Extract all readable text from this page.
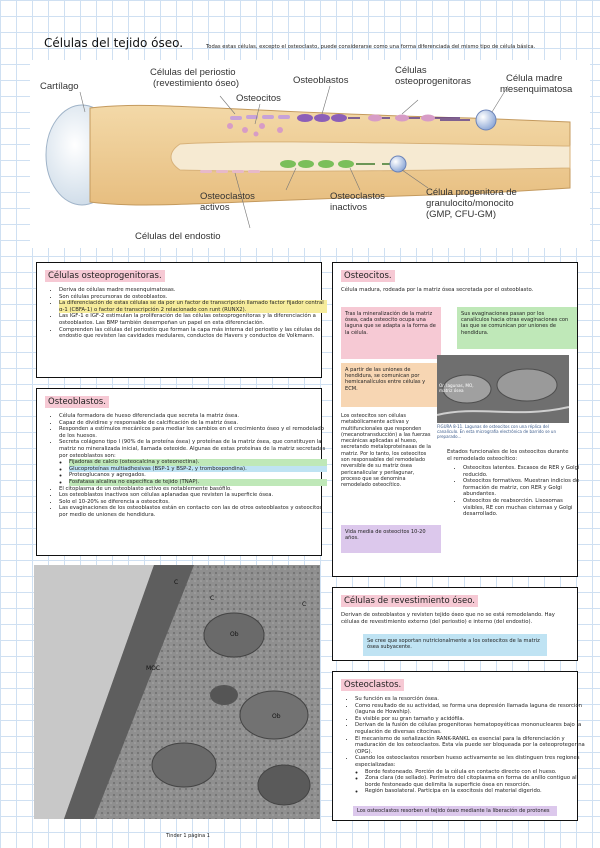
Células del tejido óseo.	Todas estas células, excepto el osteoclasto, puede considerarse como una forma diferenciada del mismo tipo de célula básica.
Cartílago
Células del periostio
(revestimiento óseo)
Osteocitos
Osteoblastos
Células
osteoprogenitoras	Célula madre
mesenquimatosa
Osteoclastos
activos
Osteoclastos
inactivos
Célula progenitora de
granulocito/monocito
(GMP, CFU-GM)
Células del endostio
Células osteoprogenitoras.
• Deriva de células madre mesenquimatosas.
• Son células precursoras de osteoblastos.
• La diferenciación de estas células se da por un factor de transcripción llamado factor fijador central α-1 (CBFA-1) o factor de transcripción 2 relacionado con runt (RUNX2).
• Las IGF-1 e IGF-2 estimulan la proliferación de las células osteoprogenitoras y la diferenciación a osteoblastos. Las BMP también desempeñan un papel en esta diferenciación.
• Comprenden las células del periostio que forman la capa más interna del periostio y las células del endostio que revisten las cavidades medulares, conductos de Havers y conductos de Volkmann.
Osteoblastos.
• Célula formadora de hueso diferenciada que secreta la matriz ósea.
• Capaz de dividirse y responsable de calcificación de la matriz ósea.
• Responden a estímulos mecánicos para mediar los cambios en el crecimiento óseo y el remodelado de los huesos.
• Secreta colágeno tipo I (90% de la proteína ósea) y proteínas de la matriz ósea, que constituyen la matriz no mineralizada inicial, llamada osteoide. Algunas de estas proteínas de la matriz secretadas por osteoblastos son:
◦ Fijadoras de calcio (osteocalcina y osteonectina).
◦ Glucoproteínas multiadhesivas (BSP-1 y BSP-2, y trombospondina).
◦ Proteoglucanos y agregados.
◦ Fosfatasa alcalina no específica de tejido (TNAP).
• El citoplasma de un osteoblasto activo es notablemente basófilo.
• Los osteoblastos inactivos son células aplanadas que revisten la superficie ósea.
• Solo el 10-20% se diferencia a osteocitos.
• Las evaginaciones de los osteoblastos están en contacto con las de otros osteoblastos y osteocitos por medio de uniones de hendidura.
MOC
C
C
C
Ob
Ob
Osteocitos.
Célula madura, rodeada por la matriz ósea secretada por el osteoblasto.
Tras la mineralización de la matriz ósea, cada osteocito ocupa una laguna que se adapta a la forma de la célula.
Sus evaginaciones pasan por los canalículos hacia otras evaginaciones con las que se comunican por uniones de hendidura.
A partir de las uniones de hendidura, se comunican por hemicanalículos entre células y ECM.
Or. lagunas, MO, matriz ósea
FIGURA 8-11. Lagunas de osteocitos con una réplica del canalículo. En esta micrografía electrónica de barrido se un preparado...
Los osteocitos son células metabólicamente activas y multifuncionales que responden (mecanotransducción) a las fuerzas mecánicas aplicadas al hueso, secretando metaloproteinasas de la matriz. Por lo tanto, los osteocitos son responsables del remodelado reversible de su matriz ósea pericanalicular y perilagunar, proceso que se denomina remodelado osteocítico.
Estados funcionales de los osteocitos durante el remodelado osteocítico:
• Osteocitos latentes. Escasos de RER y Golgi reducido.
• Osteocitos formativos. Muestran indicios de formación de matriz, con RER y Golgi abundantes.
• Osteocitos de reabsorción. Lisosomas visibles, RE con muchas cisternas y Golgi desarrollado.
Vida media de osteocitos 10-20 años.
Células de revestimiento óseo.
Derivan de osteoblastos y revisten tejido óseo que no se está remodelando. Hay células de revestimiento externo (del periostio) e interno (del endostio).
Se cree que soportan nutricionalmente a los osteocitos de la matriz ósea subyacente.
Osteoclastos.
• Su función es la resorción ósea.
• Como resultado de su actividad, se forma una depresión llamada laguna de resorción (laguna de Howship).
• Es visible por su gran tamaño y acidófila.
• Derivan de la fusión de células progenitoras hematopoyéticas mononucleares bajo la regulación de diversas citocinas.
• El mecanismo de señalización RANK-RANKL es esencial para la diferenciación y maduración de los osteoclastos. Esta vía puede ser bloqueada por la osteoprotegerina (OPG).
• Cuando los osteoclastos resorben hueso activamente se les distinguen tres regiones especializadas:
◦ Borde festoneado. Porción de la célula en contacto directo con el hueso.
◦ Zona clara (de sellado). Perímetro del citoplasma en forma de anillo contiguo al borde festoneado que delimita la superficie ósea en resorción.
◦ Región basolateral. Participa en la exocitosis del material digerido.
Los osteoclastos resorben el tejido óseo mediante la liberación de protones
Tinder 1 página 1
